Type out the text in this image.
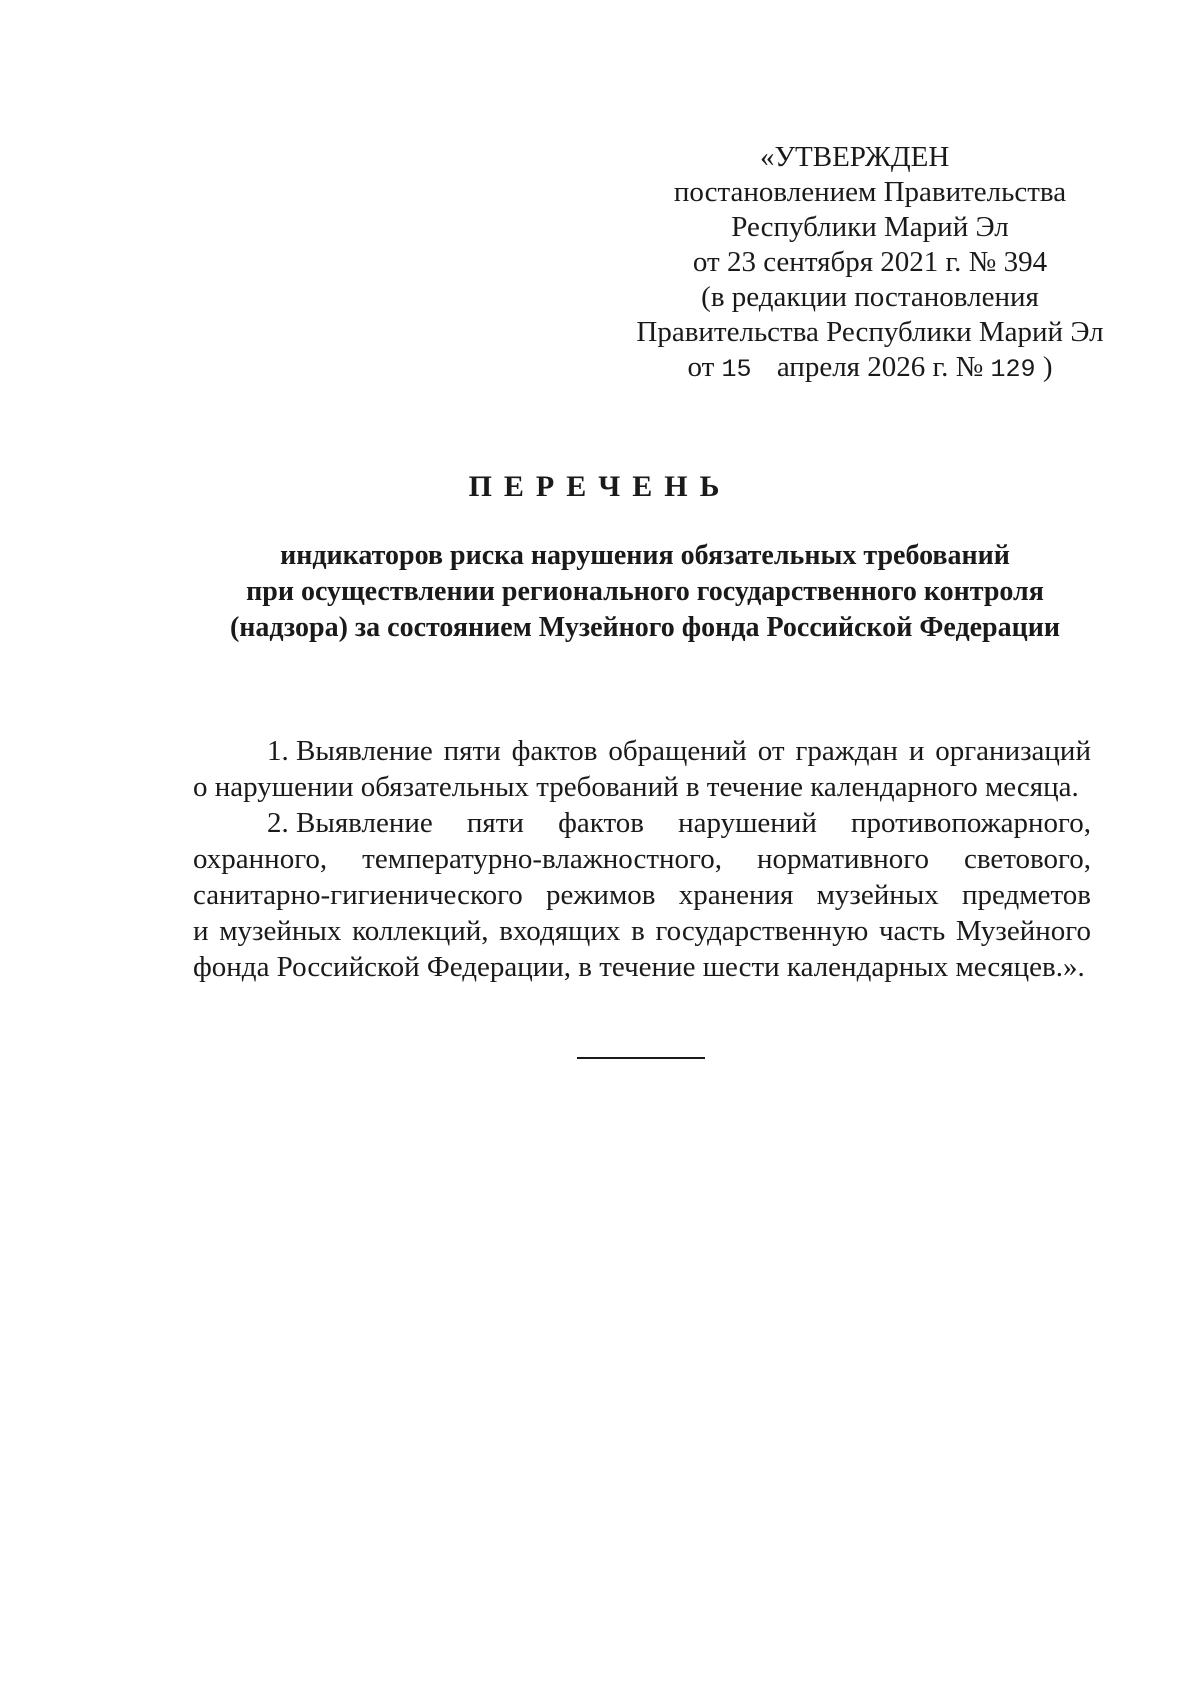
«УТВЕРЖДЕН
постановлением Правительства
Республики Марий Эл
от 23 сентября 2021 г. № 394
(в редакции постановления
Правительства Республики Марий Эл
от 15 апреля 2026 г. № 129 )
ПЕРЕЧЕНЬ
индикаторов риска нарушения обязательных требований
при осуществлении регионального государственного контроля
(надзора) за состоянием Музейного фонда Российской Федерации
1. Выявление пяти фактов обращений от граждан и организаций
о нарушении обязательных требований в течение календарного месяца.
2. Выявление пяти фактов нарушений противопожарного,
охранного, температурно-влажностного, нормативного светового,
санитарно-гигиенического режимов хранения музейных предметов
и музейных коллекций, входящих в государственную часть Музейного
фонда Российской Федерации, в течение шести календарных месяцев.».
